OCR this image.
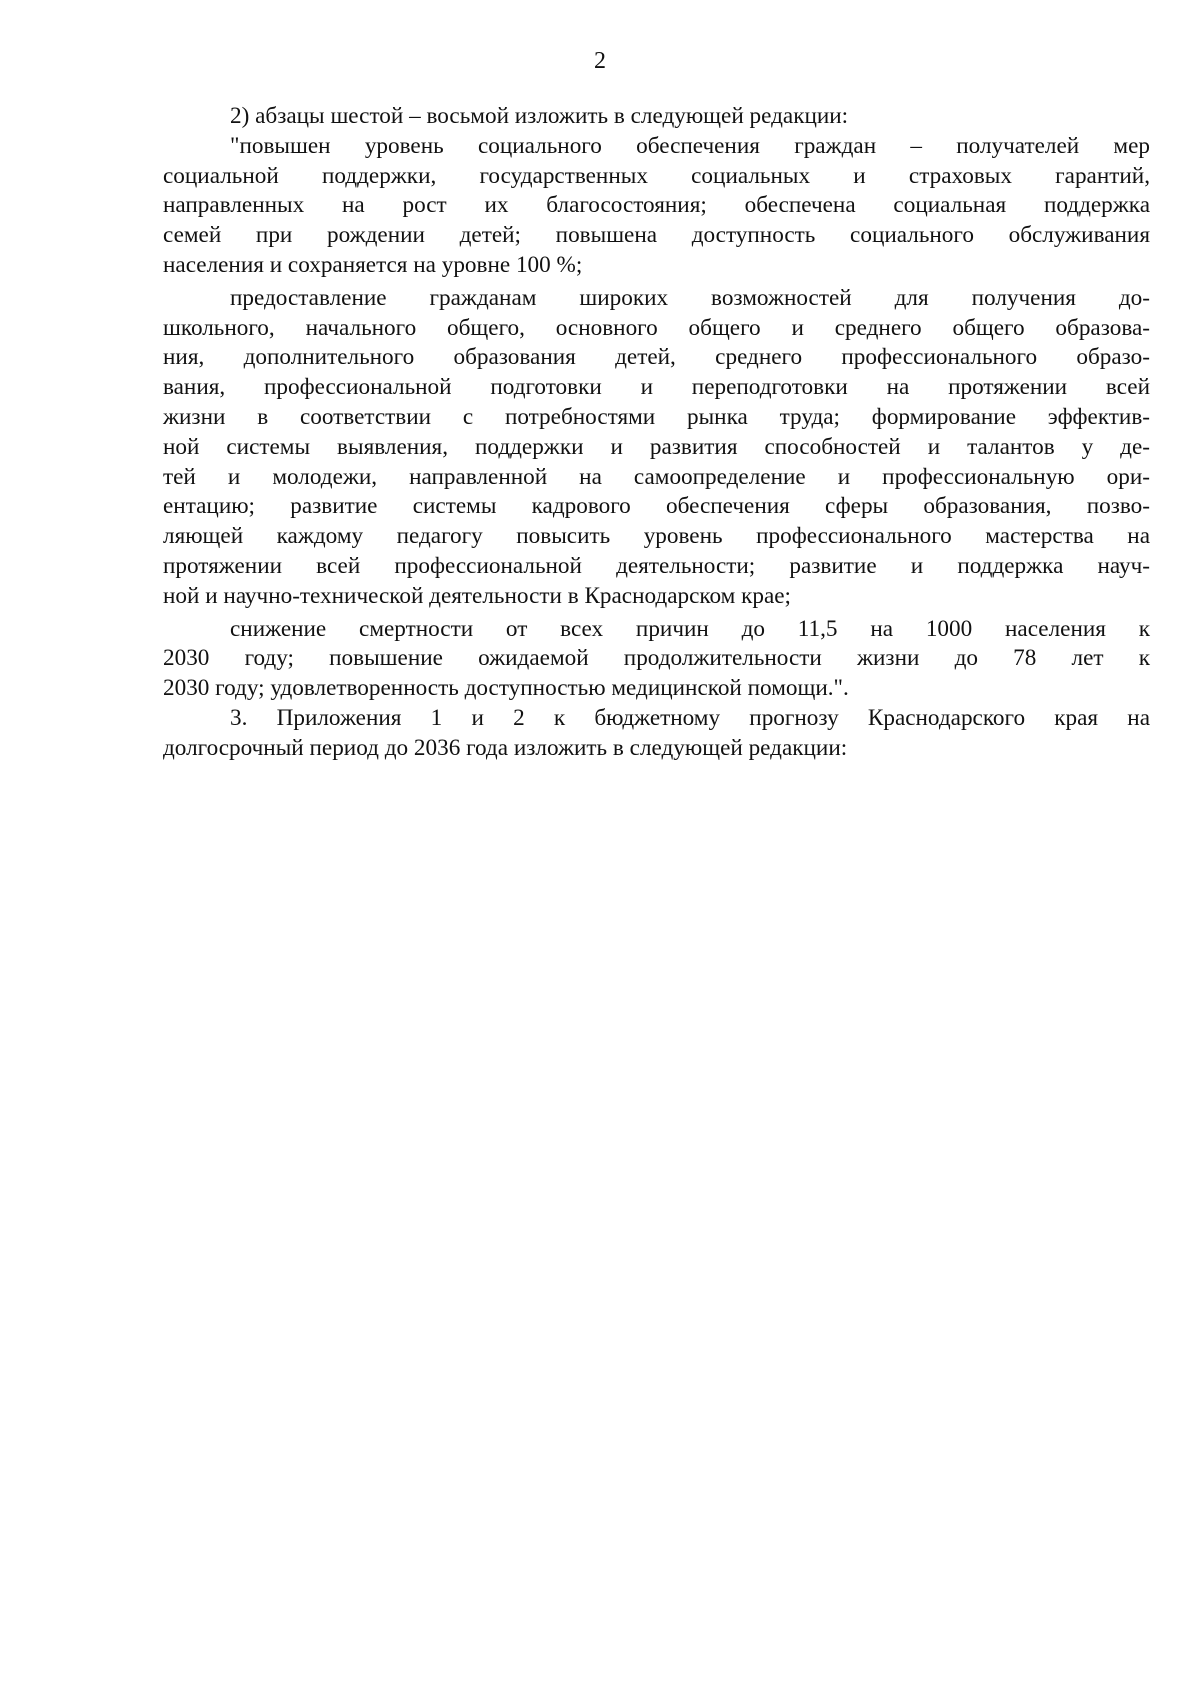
2
2) абзацы шестой – восьмой изложить в следующей редакции:
"повышен уровень социального обеспечения граждан – получателей мер
социальной поддержки, государственных социальных и страховых гарантий,
направленных на рост их благосостояния; обеспечена социальная поддержка
семей при рождении детей; повышена доступность социального обслуживания
населения и сохраняется на уровне 100 %;
предоставление гражданам широких возможностей для получения до-
школьного, начального общего, основного общего и среднего общего образова-
ния, дополнительного образования детей, среднего профессионального образо-
вания, профессиональной подготовки и переподготовки на протяжении всей
жизни в соответствии с потребностями рынка труда; формирование эффектив-
ной системы выявления, поддержки и развития способностей и талантов у де-
тей и молодежи, направленной на самоопределение и профессиональную ори-
ентацию; развитие системы кадрового обеспечения сферы образования, позво-
ляющей каждому педагогу повысить уровень профессионального мастерства на
протяжении всей профессиональной деятельности; развитие и поддержка науч-
ной и научно-технической деятельности в Краснодарском крае;
снижение смертности от всех причин до 11,5 на 1000 населения к
2030 году; повышение ожидаемой продолжительности жизни до 78 лет к
2030 году; удовлетворенность доступностью медицинской помощи.".
3. Приложения 1 и 2 к бюджетному прогнозу Краснодарского края на
долгосрочный период до 2036 года изложить в следующей редакции:
